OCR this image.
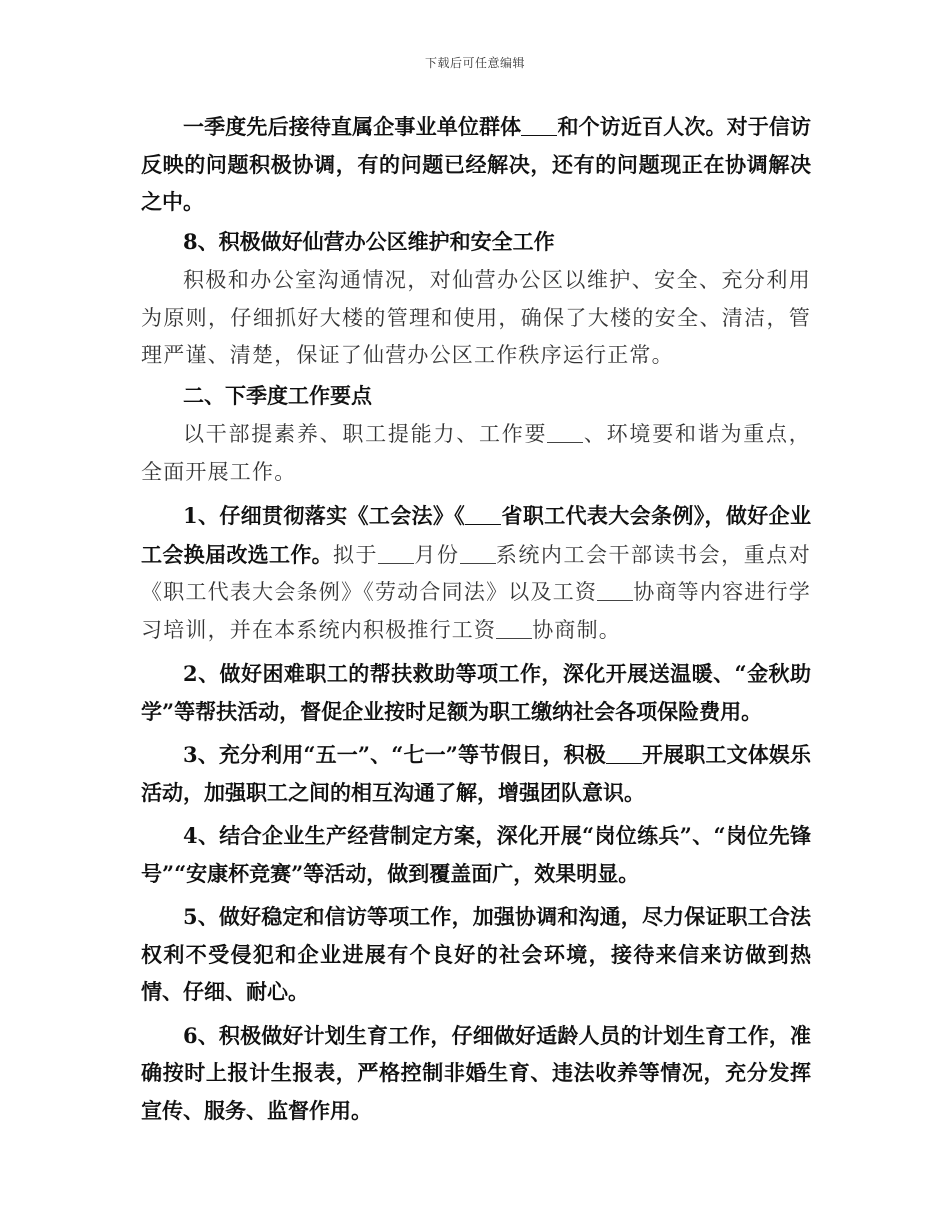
下载后可任意编辑

一季度先后接待直属企事业单位群体 和个访近百人次。对于信访反映的问题积极协调，有的问题已经解决，还有的问题现正在协调解决之中。

8、积极做好仙营办公区维护和安全工作

积极和办公室沟通情况，对仙营办公区以维护、安全、充分利用为原则，仔细抓好大楼的管理和使用，确保了大楼的安全、清洁，管理严谨、清楚，保证了仙营办公区工作秩序运行正常。

二、下季度工作要点

以干部提素养、职工提能力、工作要 、环境要和谐为重点，全面开展工作。

1、仔细贯彻落实《工会法》《 省职工代表大会条例》，做好企业工会换届改选工作。拟于 月份 系统内工会干部读书会，重点对《职工代表大会条例》《劳动合同法》以及工资 协商等内容进行学习培训，并在本系统内积极推行工资 协商制。

2、做好困难职工的帮扶救助等项工作，深化开展送温暖、“金秋助学”等帮扶活动，督促企业按时足额为职工缴纳社会各项保险费用。

3、充分利用“五一”、“七一”等节假日，积极 开展职工文体娱乐活动，加强职工之间的相互沟通了解，增强团队意识。

4、结合企业生产经营制定方案，深化开展“岗位练兵”、“岗位先锋号”“安康杯竞赛”等活动，做到覆盖面广，效果明显。

5、做好稳定和信访等项工作，加强协调和沟通，尽力保证职工合法权利不受侵犯和企业进展有个良好的社会环境，接待来信来访做到热情、仔细、耐心。

6、积极做好计划生育工作，仔细做好适龄人员的计划生育工作，准确按时上报计生报表，严格控制非婚生育、违法收养等情况，充分发挥宣传、服务、监督作用。
